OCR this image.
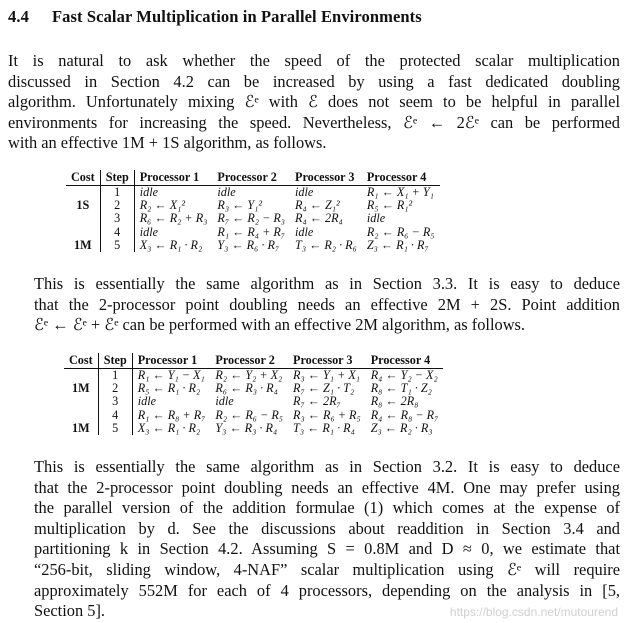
4.4 Fast Scalar Multiplication in Parallel Environments
It is natural to ask whether the speed of the protected scalar multiplication
discussed in Section 4.2 can be increased by using a fast dedicated doubling
algorithm. Unfortunately mixing ℰᵉ with ℰ does not seem to be helpful in parallel
environments for increasing the speed. Nevertheless, ℰᵉ ← 2ℰᵉ can be performed
with an effective 1M + 1S algorithm, as follows.
Cost	Step	Processor 1	Processor 2	Processor 3	Processor 4
	1	idle	idle	idle	R₁ ← X₁ + Y₁
1S	2	R₂ ← X₁²	R₃ ← Y₁²	R₄ ← Z₁²	R₅ ← R₁²
	3	R₆ ← R₂ + R₃	R₇ ← R₂ − R₃	R₄ ← 2R₄	idle
	4	idle	R₁ ← R₄ + R₇	idle	R₂ ← R₆ − R₅
1M	5	X₃ ← R₁ · R₂	Y₃ ← R₆ · R₇	T₃ ← R₂ · R₆	Z₃ ← R₁ · R₇
This is essentially the same algorithm as in Section 3.3. It is easy to deduce
that the 2-processor point doubling needs an effective 2M + 2S. Point addition
ℰᵉ ← ℰᵉ + ℰᵉ can be performed with an effective 2M algorithm, as follows.
Cost	Step	Processor 1	Processor 2	Processor 3	Processor 4
	1	R₁ ← Y₁ − X₁	R₂ ← Y₂ + X₂	R₃ ← Y₁ + X₁	R₄ ← Y₂ − X₂
1M	2	R₅ ← R₁ · R₂	R₆ ← R₃ · R₄	R₇ ← Z₁ · T₂	R₈ ← T₁ · Z₂
	3	idle	idle	R₇ ← 2R₇	R₈ ← 2R₈
	4	R₁ ← R₈ + R₇	R₂ ← R₆ − R₅	R₃ ← R₆ + R₅	R₄ ← R₈ − R₇
1M	5	X₃ ← R₁ · R₂	Y₃ ← R₃ · R₄	T₃ ← R₁ · R₄	Z₃ ← R₂ · R₃
This is essentially the same algorithm as in Section 3.2. It is easy to deduce
that the 2-processor point doubling needs an effective 4M. One may prefer using
the parallel version of the addition formulae (1) which comes at the expense of
multiplication by d. See the discussions about readdition in Section 3.4 and
partitioning k in Section 4.2. Assuming S = 0.8M and D ≈ 0, we estimate that
“256-bit, sliding window, 4-NAF” scalar multiplication using ℰᵉ will require
approximately 552M for each of 4 processors, depending on the analysis in [5,
Section 5].	https://blog.csdn.net/mutourend
